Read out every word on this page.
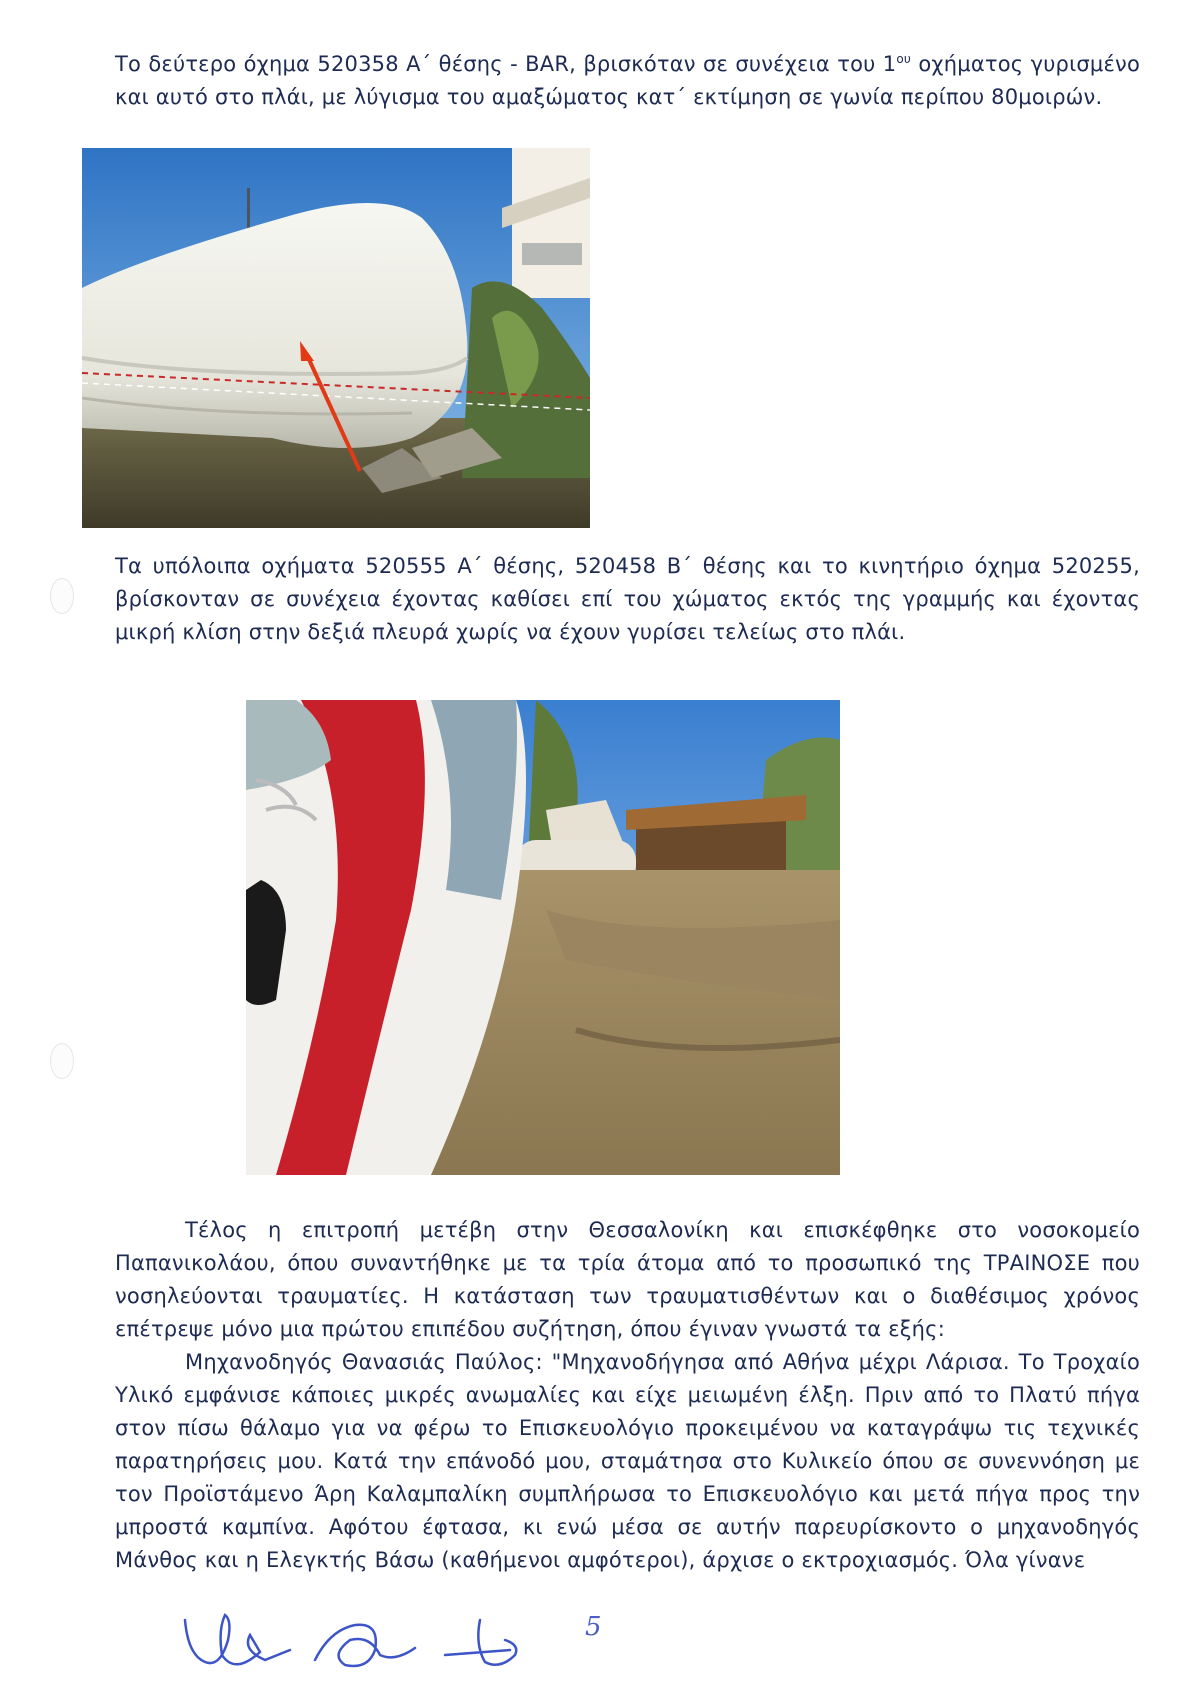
Το δεύτερο όχημα 520358 Α΄ θέσης - BAR, βρισκόταν σε συνέχεια του $1^{o\upsilon}$ οχήματος γυρισμένο και αυτό στο πλάι, με λύγισμα του αμαξώματος κατ΄ εκτίμηση σε γωνία περίπου 80μοιρών.

Τα υπόλοιπα οχήματα 520555 Α΄ θέσης, 520458 Β΄ θέσης και το κινητήριο όχημα 520255, βρίσκονταν σε συνέχεια έχοντας καθίσει επί του χώματος εκτός της γραμμής και έχοντας μικρή κλίση στην δεξιά πλευρά χωρίς να έχουν γυρίσει τελείως στο πλάι.

Τέλος η επιτροπή μετέβη στην Θεσσαλονίκη και επισκέφθηκε στο νοσοκομείο Παπανικολάου, όπου συναντήθηκε με τα τρία άτομα από το προσωπικό της ΤΡΑΙΝΟΣΕ που νοσηλεύονται τραυματίες. Η κατάσταση των τραυματισθέντων και ο διαθέσιμος χρόνος επέτρεψε μόνο μια πρώτου επιπέδου συζήτηση, όπου έγιναν γνωστά τα εξής:

Μηχανοδηγός Θανασιάς Παύλος: "Μηχανοδήγησα από Αθήνα μέχρι Λάρισα. Το Τροχαίο Υλικό εμφάνισε κάποιες μικρές ανωμαλίες και είχε μειωμένη έλξη. Πριν από το Πλατύ πήγα στον πίσω θάλαμο για να φέρω το Επισκευολόγιο προκειμένου να καταγράψω τις τεχνικές παρατηρήσεις μου. Κατά την επάνοδό μου, σταμάτησα στο Κυλικείο όπου σε συνεννόηση με τον Προϊστάμενο Άρη Καλαμπαλίκη συμπλήρωσα το Επισκευολόγιο και μετά πήγα προς την μπροστά καμπίνα. Αφότου έφτασα, κι ενώ μέσα σε αυτήν παρευρίσκοντο ο μηχανοδηγός Μάνθος και η Ελεγκτής Βάσω (καθήμενοι αμφότεροι), άρχισε ο εκτροχιασμός. Όλα γίνανε

5
